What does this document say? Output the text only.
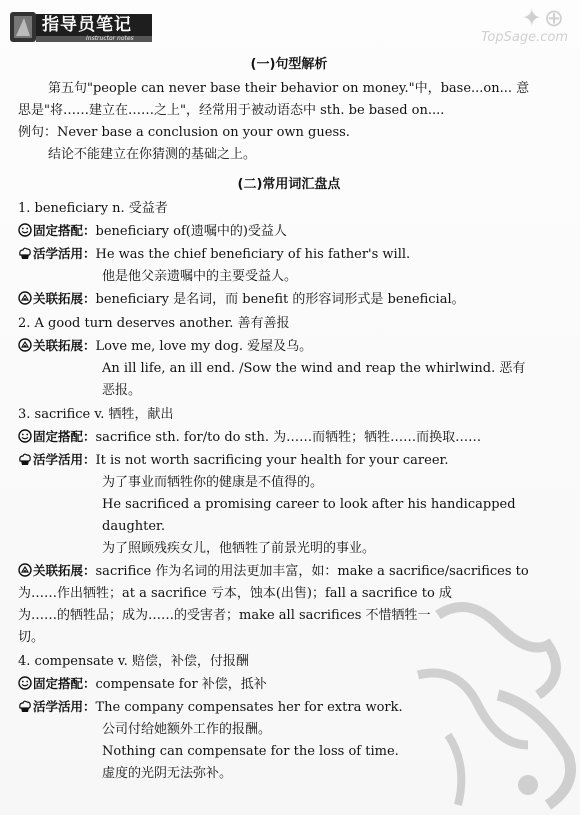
指导员笔记
Instructor notes
✦⊕
TopSage.com
(一)句型解析
第五句"people can never base their behavior on money."中，base...on... 意
思是"将……建立在……之上"，经常用于被动语态中 sth. be based on....
例句：Never base a conclusion on your own guess.
结论不能建立在你猜测的基础之上。
(二)常用词汇盘点
1. beneficiary n. 受益者
固定搭配：beneficiary of(遗嘱中的)受益人
活学活用：He was the chief beneficiary of his father's will.
他是他父亲遗嘱中的主要受益人。
关联拓展：beneficiary 是名词，而 benefit 的形容词形式是 beneficial。
2. A good turn deserves another. 善有善报
关联拓展：Love me, love my dog. 爱屋及乌。
An ill life, an ill end. /Sow the wind and reap the whirlwind. 恶有
恶报。
3. sacrifice v. 牺牲，献出
固定搭配：sacrifice sth. for/to do sth. 为……而牺牲；牺牲……而换取……
活学活用：It is not worth sacrificing your health for your career.
为了事业而牺牲你的健康是不值得的。
He sacrificed a promising career to look after his handicapped
daughter.
为了照顾残疾女儿，他牺牲了前景光明的事业。
关联拓展：sacrifice 作为名词的用法更加丰富，如：make a sacrifice/sacrifices to
为……作出牺牲；at a sacrifice 亏本，蚀本(出售)；fall a sacrifice to 成
为……的牺牲品；成为……的受害者；make all sacrifices 不惜牺牲一
切。
4. compensate v. 赔偿，补偿，付报酬
固定搭配：compensate for 补偿，抵补
活学活用：The company compensates her for extra work.
公司付给她额外工作的报酬。
Nothing can compensate for the loss of time.
虚度的光阴无法弥补。
